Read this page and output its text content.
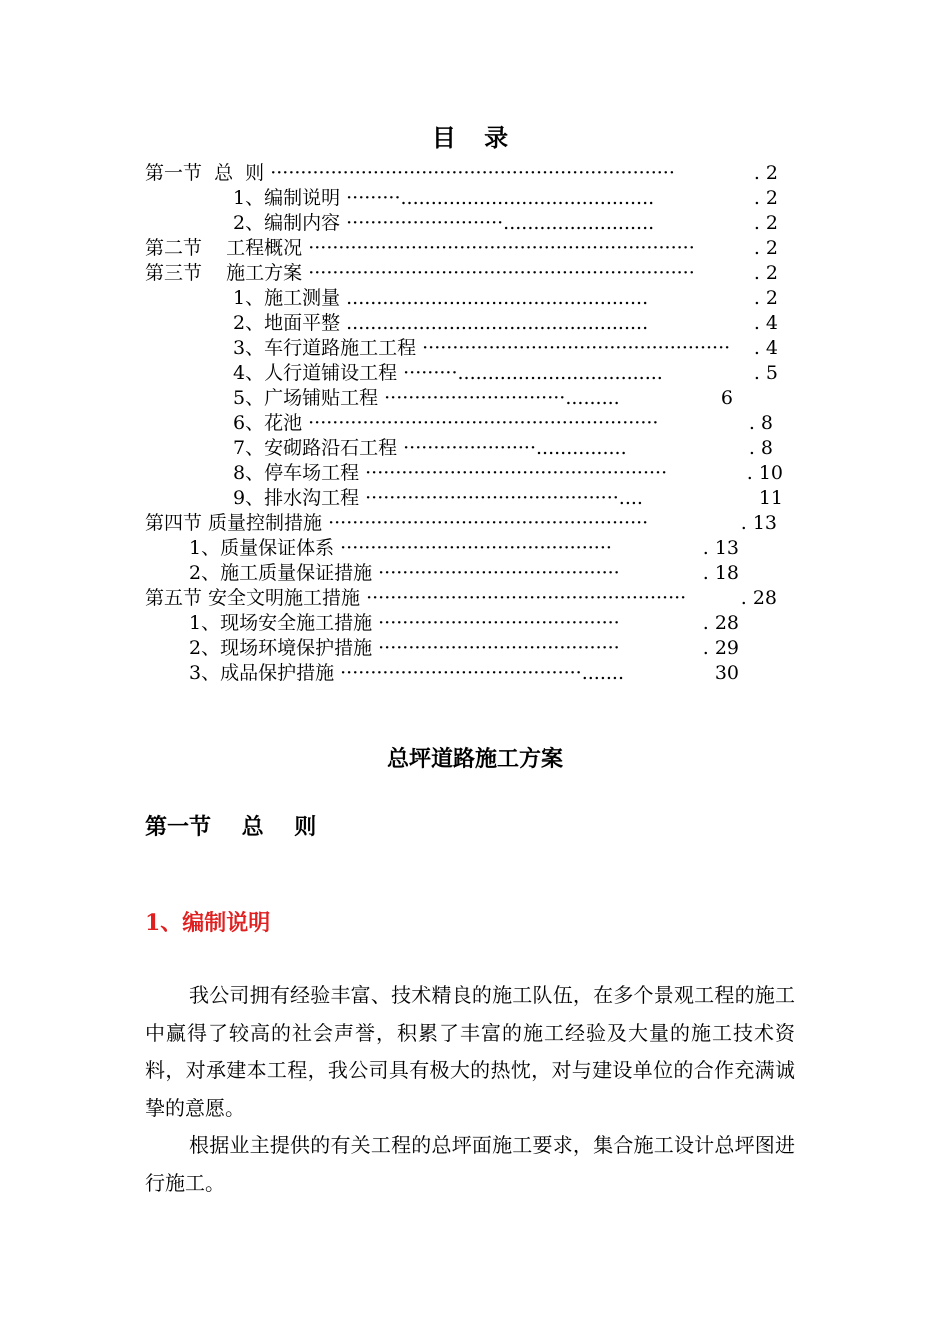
目 录
第一节  总  则 ···································································	. 2
1、编制说明 ·········..........................................	. 2
2、编制内容 ··························.........................	. 2
第二节    工程概况 ································································	. 2
第三节    施工方案 ································································	. 2
1、施工测量 ..................................................	. 2
2、地面平整 ..................................................	. 4
3、车行道路施工工程 ···················································	. 4
4、人行道铺设工程 ·········..................................	. 5
5、广场铺贴工程 ······························.........	6
6、花池 ··························································	. 8
7、安砌路沿石工程 ······················...............	. 8
8、停车场工程 ··················································	. 10
9、排水沟工程 ··········································....	11
第四节 质量控制措施 ·····················································	. 13
1、质量保证体系 ·············································	. 13
2、施工质量保证措施 ········································	. 18
第五节 安全文明施工措施 ·····················································	. 28
1、现场安全施工措施 ········································	. 28
2、现场环境保护措施 ········································	. 29
3、成品保护措施 ········································.......	30
总坪道路施工方案
第一节    总    则
1、编制说明

我公司拥有经验丰富、技术精良的施工队伍，在多个景观工程的施工中赢得了较高的社会声誉，积累了丰富的施工经验及大量的施工技术资料，对承建本工程，我公司具有极大的热忱，对与建设单位的合作充满诚挚的意愿。

根据业主提供的有关工程的总坪面施工要求，集合施工设计总坪图进行施工。
